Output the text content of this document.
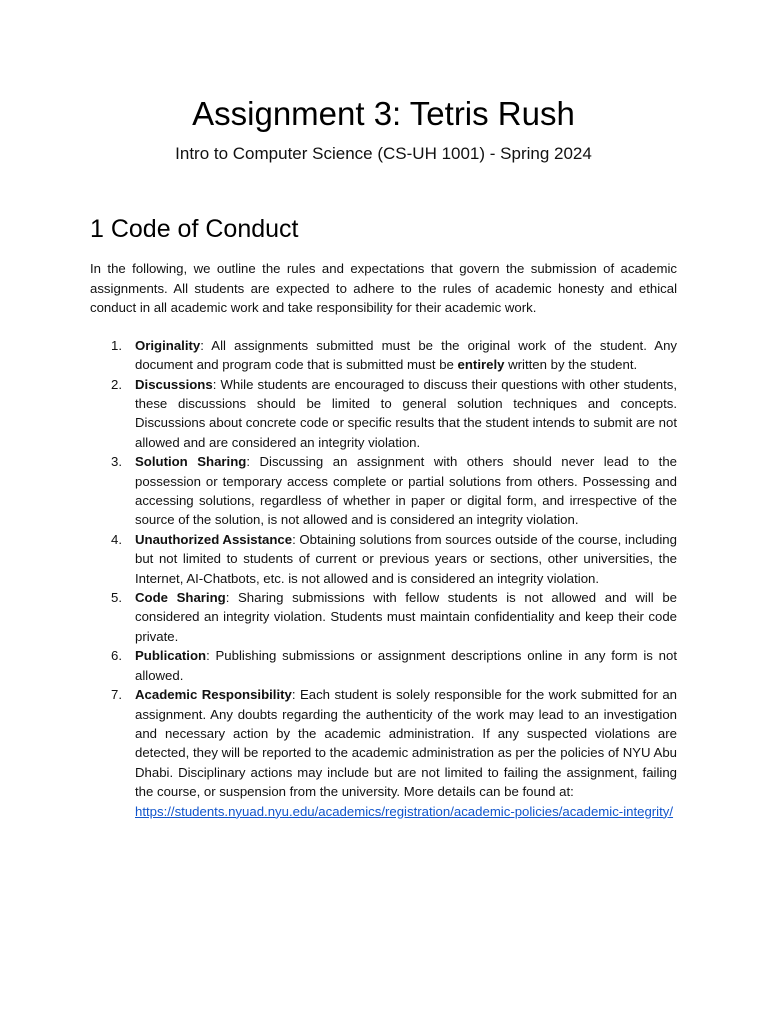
Assignment 3: Tetris Rush
Intro to Computer Science (CS-UH 1001) - Spring 2024
1 Code of Conduct

In the following, we outline the rules and expectations that govern the submission of academic assignments. All students are expected to adhere to the rules of academic honesty and ethical conduct in all academic work and take responsibility for their academic work.

1. Originality: All assignments submitted must be the original work of the student. Any document and program code that is submitted must be entirely written by the student.
2. Discussions: While students are encouraged to discuss their questions with other students, these discussions should be limited to general solution techniques and concepts. Discussions about concrete code or specific results that the student intends to submit are not allowed and are considered an integrity violation.
3. Solution Sharing: Discussing an assignment with others should never lead to the possession or temporary access complete or partial solutions from others. Possessing and accessing solutions, regardless of whether in paper or digital form, and irrespective of the source of the solution, is not allowed and is considered an integrity violation.
4. Unauthorized Assistance: Obtaining solutions from sources outside of the course, including but not limited to students of current or previous years or sections, other universities, the Internet, AI-Chatbots, etc. is not allowed and is considered an integrity violation.
5. Code Sharing: Sharing submissions with fellow students is not allowed and will be considered an integrity violation. Students must maintain confidentiality and keep their code private.
6. Publication: Publishing submissions or assignment descriptions online in any form is not allowed.
7. Academic Responsibility: Each student is solely responsible for the work submitted for an assignment. Any doubts regarding the authenticity of the work may lead to an investigation and necessary action by the academic administration. If any suspected violations are detected, they will be reported to the academic administration as per the policies of NYU Abu Dhabi. Disciplinary actions may include but are not limited to failing the assignment, failing the course, or suspension from the university. More details can be found at:
https://students.nyuad.nyu.edu/academics/registration/academic-policies/academic-integrity/
